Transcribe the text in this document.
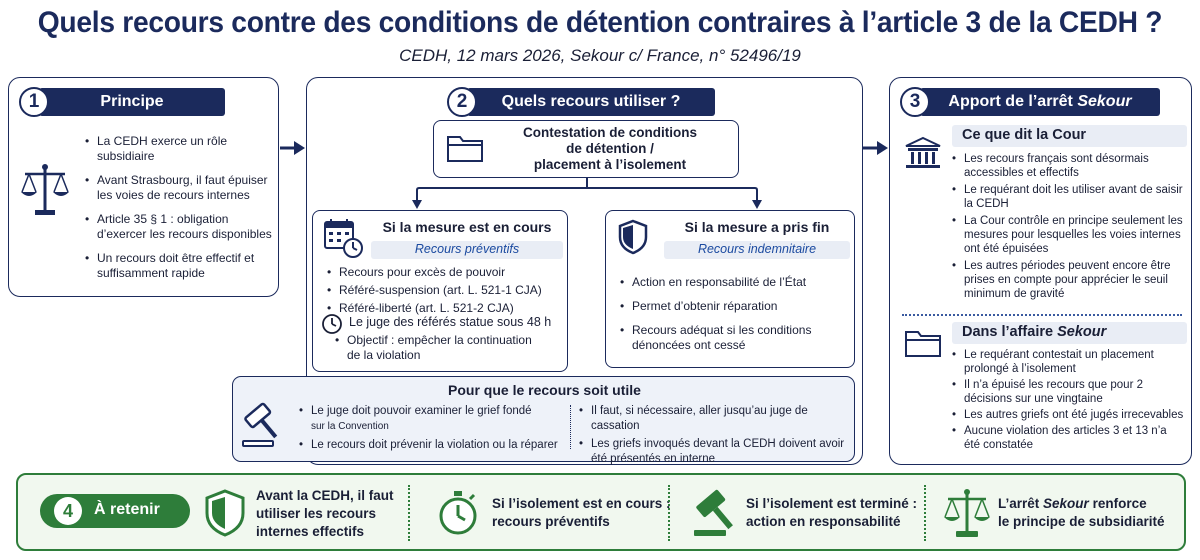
Quels recours contre des conditions de détention contraires à l’article 3 de la CEDH ?
CEDH, 12 mars 2026, Sekour c/ France, n° 52496/19
Principe
1
• La CEDH exerce un rôle subsidiaire
• Avant Strasbourg, il faut épuiser les voies de recours internes
• Article 35 § 1 : obligation d’exercer les recours disponibles
• Un recours doit être effectif et suffisamment rapide
Quels recours utiliser ?
2
Contestation de conditions
de détention /
placement à l’isolement
Si la mesure est en cours
Recours préventifs
• Recours pour excès de pouvoir
• Référé-suspension (art. L. 521-1 CJA)
• Référé-liberté (art. L. 521-2 CJA)
Le juge des référés statue sous 48 h
• Objectif : empêcher la continuation de la violation
Si la mesure a pris fin
Recours indemnitaire
• Action en responsabilité de l’État
• Permet d’obtenir réparation
• Recours adéquat si les conditions dénoncées ont cessé
Pour que le recours soit utile
• Le juge doit pouvoir examiner le grief fondé
sur la Convention
• Le recours doit prévenir la violation ou la réparer
• Il faut, si nécessaire, aller jusqu’au juge de cassation
• Les griefs invoqués devant la CEDH doivent avoir été présentés en interne
Apport de l’arrêt Sekour
3
Ce que dit la Cour
• Les recours français sont désormais accessibles et effectifs
• Le requérant doit les utiliser avant de saisir la CEDH
• La Cour contrôle en principe seulement les mesures pour lesquelles les voies internes ont été épuisées
• Les autres périodes peuvent encore être prises en compte pour apprécier le seuil minimum de gravité
Dans l’affaire Sekour
• Le requérant contestait un placement prolongé à l’isolement
• Il n’a épuisé les recours que pour 2 décisions sur une vingtaine
• Les autres griefs ont été jugés irrecevables
• Aucune violation des articles 3 et 13 n’a été constatée
4	À retenir
Avant la CEDH, il faut
utiliser les recours
internes effectifs
Si l’isolement est en cours :
recours préventifs
Si l’isolement est terminé :
action en responsabilité
L’arrêt Sekour renforce
le principe de subsidiarité
